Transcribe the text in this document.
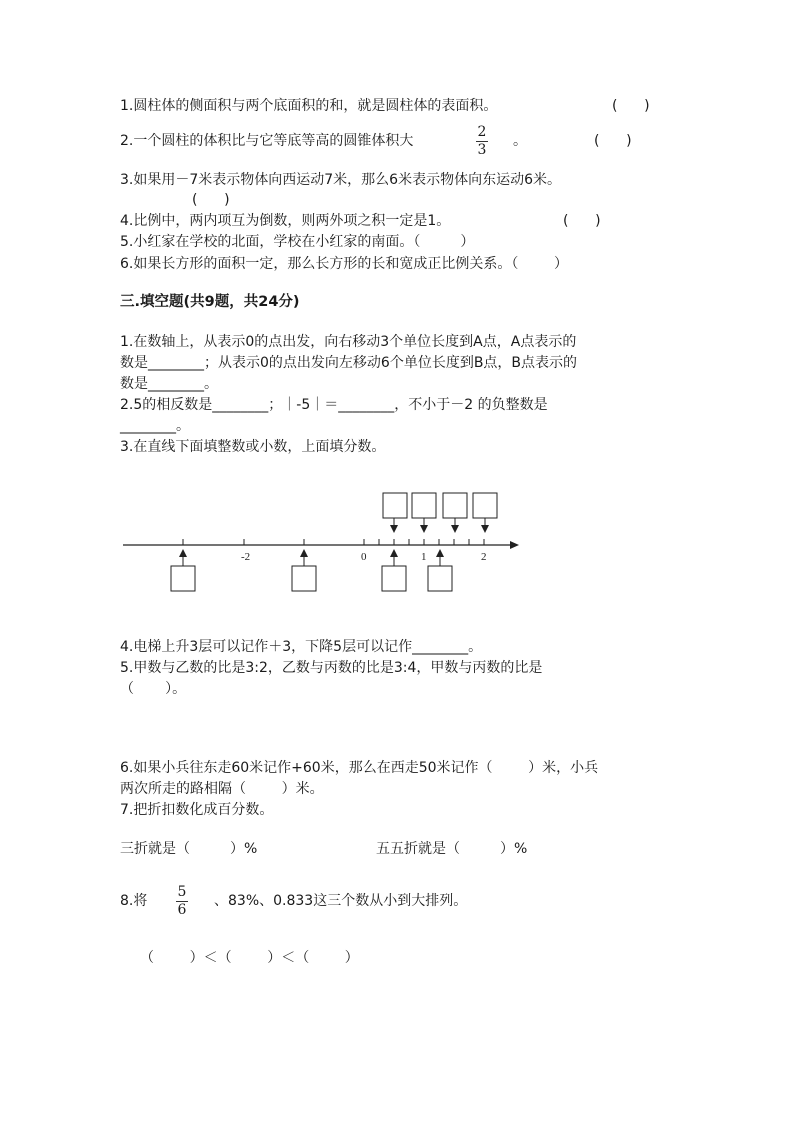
1.圆柱体的侧面积与两个底面积的和，就是圆柱体的表面积。	(      )
2.一个圆柱的体积比与它等底等高的圆锥体积大
2
3
。	(      )
3.如果用－7米表示物体向西运动7米，那么6米表示物体向东运动6米。
(      )
4.比例中，两内项互为倒数，则两外项之积一定是1。	(      )
5.小红家在学校的北面，学校在小红家的南面。（         ）
6.如果长方形的面积一定，那么长方形的长和宽成正比例关系。（        ）
三.填空题(共9题，共24分)
1.在数轴上，从表示0的点出发，向右移动3个单位长度到A点，A点表示的
数是________；从表示0的点出发向左移动6个单位长度到B点，B点表示的
数是________。
2.5的相反数是________；｜-5｜＝________，不小于－2 的负整数是
________。
3.在直线下面填整数或小数，上面填分数。
-2	0	1	2
4.电梯上升3层可以记作＋3，下降5层可以记作________。
5.甲数与乙数的比是3:2，乙数与丙数的比是3:4，甲数与丙数的比是
（       ）。
6.如果小兵往东走60米记作+60米，那么在西走50米记作（        ）米，小兵
两次所走的路相隔（        ）米。
7.把折扣数化成百分数。
三折就是（         ）%	五五折就是（         ）%
8.将
5
6
、83%、0.833这三个数从小到大排列。
（        ）＜（        ）＜（        ）
